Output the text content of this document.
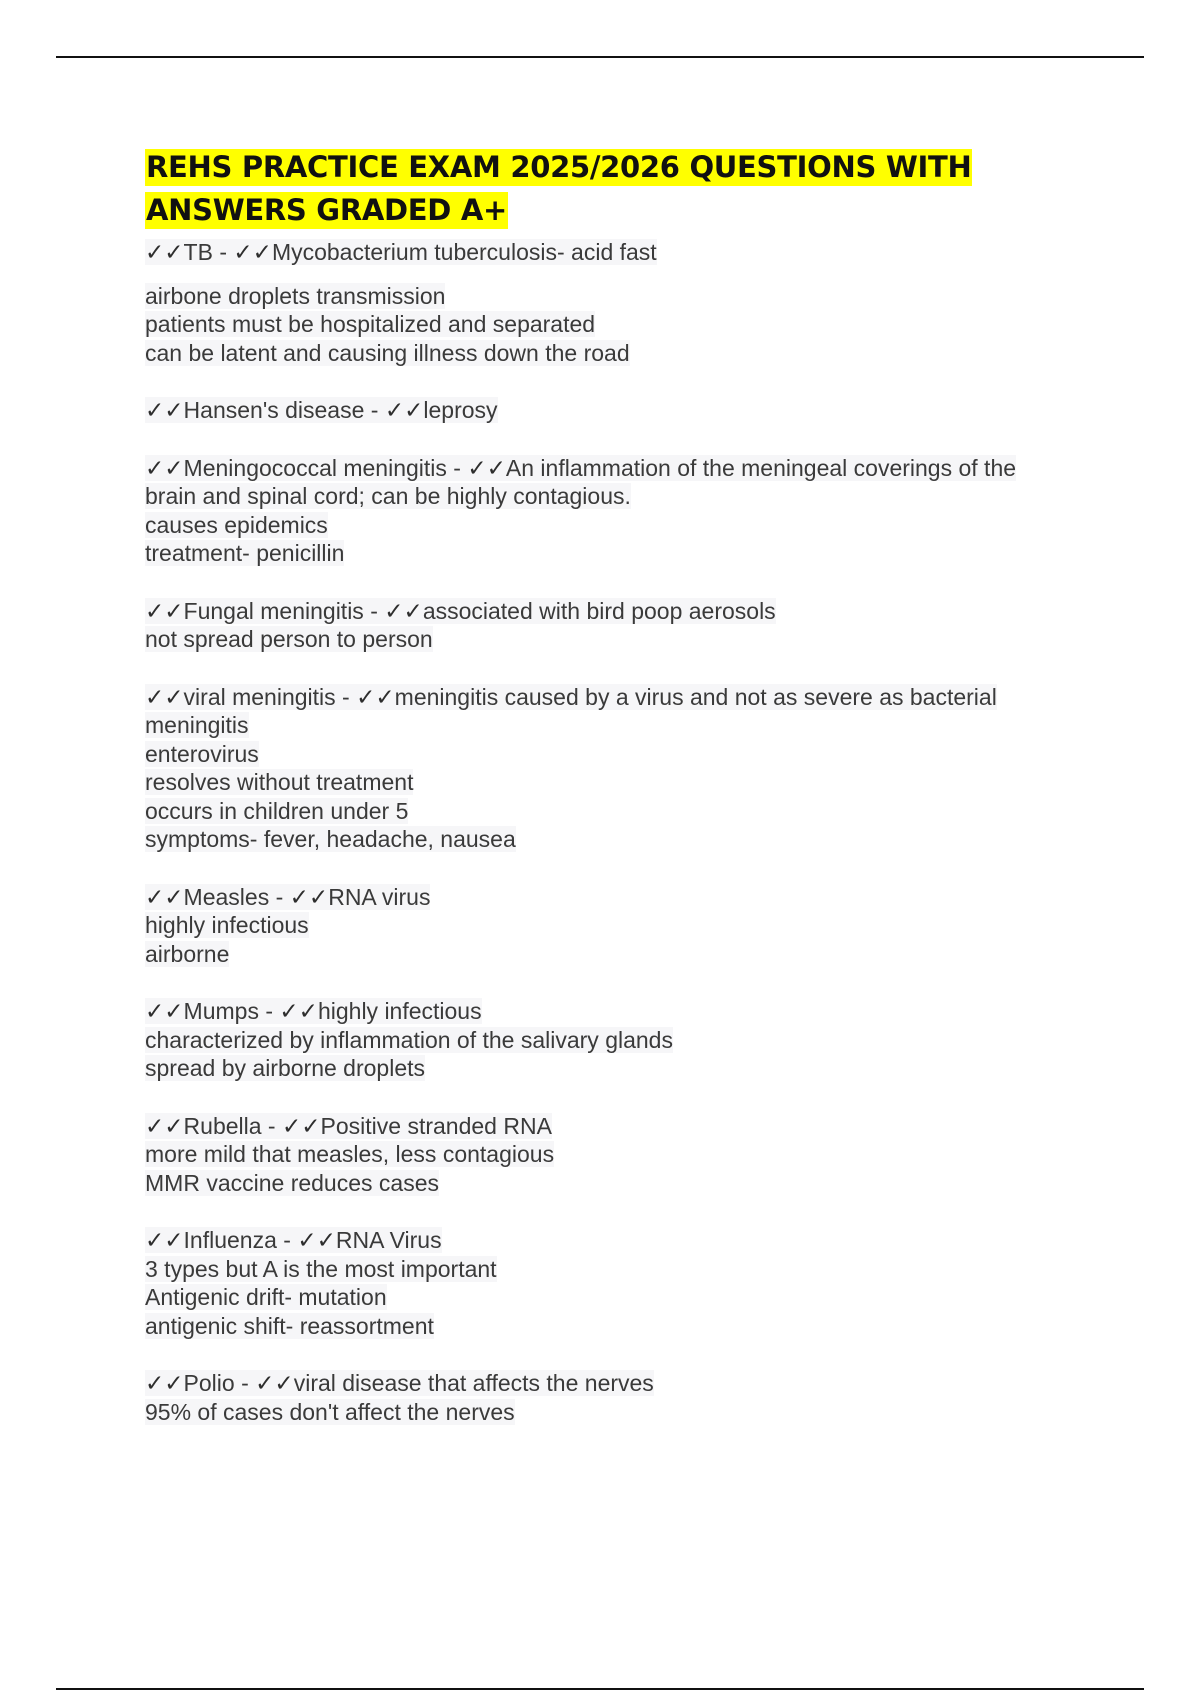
REHS PRACTICE EXAM 2025/2026 QUESTIONS WITH ANSWERS GRADED A+
✓✓TB - ✓✓Mycobacterium tuberculosis- acid fast
airbone droplets transmission
patients must be hospitalized and separated
can be latent and causing illness down the road
✓✓Hansen's disease - ✓✓leprosy
✓✓Meningococcal meningitis - ✓✓An inflammation of the meningeal coverings of the brain and spinal cord; can be highly contagious.
causes epidemics
treatment- penicillin
✓✓Fungal meningitis - ✓✓associated with bird poop aerosols
not spread person to person
✓✓viral meningitis - ✓✓meningitis caused by a virus and not as severe as bacterial meningitis
enterovirus
resolves without treatment
occurs in children under 5
symptoms- fever, headache, nausea
✓✓Measles - ✓✓RNA virus
highly infectious
airborne
✓✓Mumps - ✓✓highly infectious
characterized by inflammation of the salivary glands
spread by airborne droplets
✓✓Rubella - ✓✓Positive stranded RNA
more mild that measles, less contagious
MMR vaccine reduces cases
✓✓Influenza - ✓✓RNA Virus
3 types but A is the most important
Antigenic drift- mutation
antigenic shift- reassortment
✓✓Polio - ✓✓viral disease that affects the nerves
95% of cases don't affect the nerves
